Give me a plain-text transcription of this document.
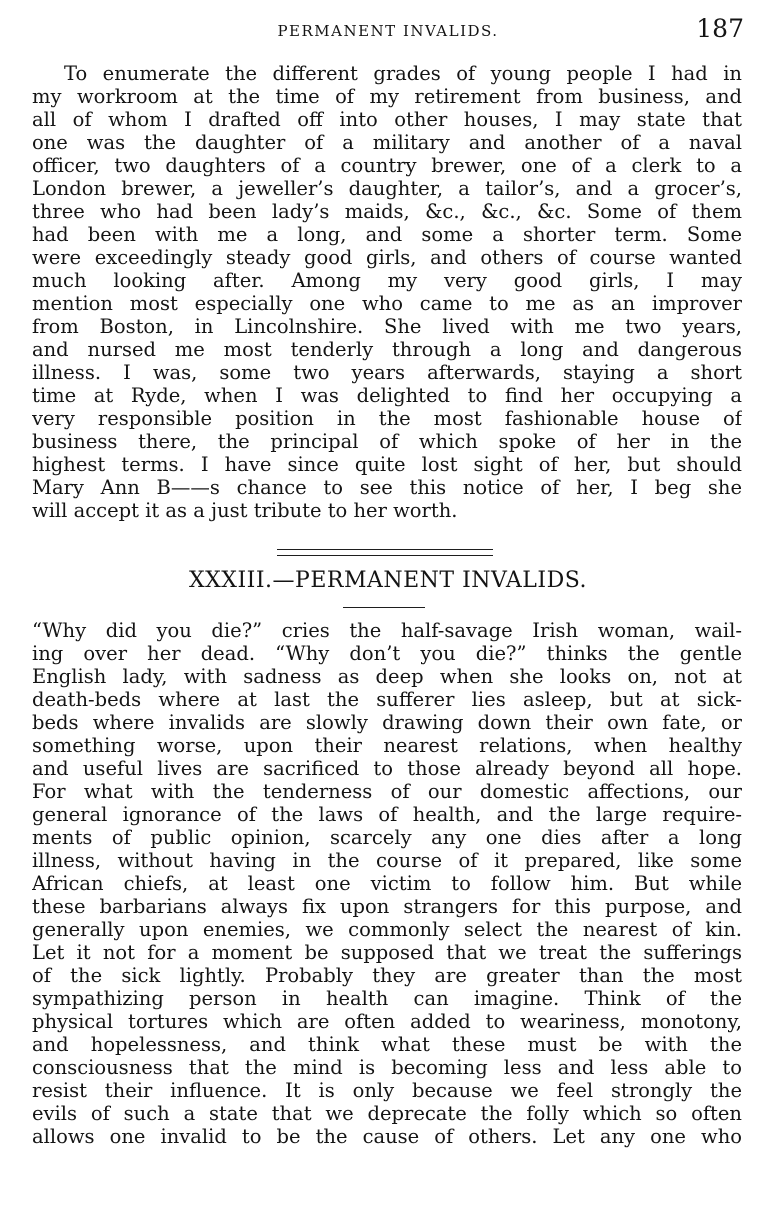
PERMANENT INVALIDS.	187
To enumerate the different grades of young people I had in
my workroom at the time of my retirement from business, and
all of whom I drafted off into other houses, I may state that
one was the daughter of a military and another of a naval
officer, two daughters of a country brewer, one of a clerk to a
London brewer, a jeweller’s daughter, a tailor’s, and a grocer’s,
three who had been lady’s maids, &c., &c., &c. Some of them
had been with me a long, and some a shorter term. Some
were exceedingly steady good girls, and others of course wanted
much looking after. Among my very good girls, I may
mention most especially one who came to me as an improver
from Boston, in Lincolnshire. She lived with me two years,
and nursed me most tenderly through a long and dangerous
illness. I was, some two years afterwards, staying a short
time at Ryde, when I was delighted to find her occupying a
very responsible position in the most fashionable house of
business there, the principal of which spoke of her in the
highest terms. I have since quite lost sight of her, but should
Mary Ann B——s chance to see this notice of her, I beg she
will accept it as a just tribute to her worth.
XXXIII.—PERMANENT INVALIDS.
“Why did you die?” cries the half-savage Irish woman, wail-
ing over her dead. “Why don’t you die?” thinks the gentle
English lady, with sadness as deep when she looks on, not at
death-beds where at last the sufferer lies asleep, but at sick-
beds where invalids are slowly drawing down their own fate, or
something worse, upon their nearest relations, when healthy
and useful lives are sacrificed to those already beyond all hope.
For what with the tenderness of our domestic affections, our
general ignorance of the laws of health, and the large require-
ments of public opinion, scarcely any one dies after a long
illness, without having in the course of it prepared, like some
African chiefs, at least one victim to follow him. But while
these barbarians always fix upon strangers for this purpose, and
generally upon enemies, we commonly select the nearest of kin.
Let it not for a moment be supposed that we treat the sufferings
of the sick lightly. Probably they are greater than the most
sympathizing person in health can imagine. Think of the
physical tortures which are often added to weariness, monotony,
and hopelessness, and think what these must be with the
consciousness that the mind is becoming less and less able to
resist their influence. It is only because we feel strongly the
evils of such a state that we deprecate the folly which so often
allows one invalid to be the cause of others. Let any one who
